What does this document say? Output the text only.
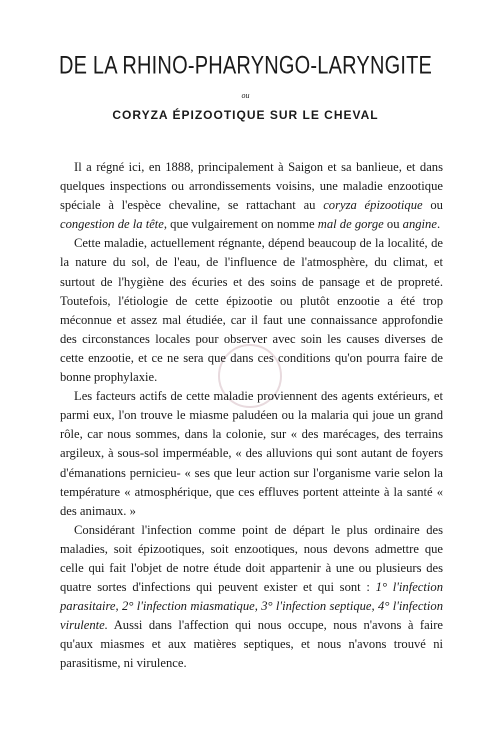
DE LA RHINO-PHARYNGO-LARYNGITE
ou
CORYZA ÉPIZOOTIQUE SUR LE CHEVAL

Il a régné ici, en 1888, principalement à Saigon et sa banlieue, et dans quelques inspections ou arrondissements voisins, une maladie enzootique spéciale à l'espèce chevaline, se rattachant au coryza épizootique ou congestion de la tête, que vulgairement on nomme mal de gorge ou angine.

Cette maladie, actuellement régnante, dépend beaucoup de la localité, de la nature du sol, de l'eau, de l'influence de l'atmosphère, du climat, et surtout de l'hygiène des écuries et des soins de pansage et de propreté. Toutefois, l'étiologie de cette épizootie ou plutôt enzootie a été trop méconnue et assez mal étudiée, car il faut une connaissance approfondie des circonstances locales pour observer avec soin les causes diverses de cette enzootie, et ce ne sera que dans ces conditions qu'on pourra faire de bonne prophylaxie.

Les facteurs actifs de cette maladie proviennent des agents extérieurs, et parmi eux, l'on trouve le miasme paludéen ou la malaria qui joue un grand rôle, car nous sommes, dans la colonie, sur « des marécages, des terrains argileux, à sous-sol imperméable, « des alluvions qui sont autant de foyers d'émanations pernicieu- « ses que leur action sur l'organisme varie selon la température « atmosphérique, que ces effluves portent atteinte à la santé « des animaux. »

Considérant l'infection comme point de départ le plus ordinaire des maladies, soit épizootiques, soit enzootiques, nous devons admettre que celle qui fait l'objet de notre étude doit appartenir à une ou plusieurs des quatre sortes d'infections qui peuvent exister et qui sont : 1° l'infection parasitaire, 2° l'infection miasmatique, 3° l'infection septique, 4° l'infection virulente. Aussi dans l'affection qui nous occupe, nous n'avons à faire qu'aux miasmes et aux matières septiques, et nous n'avons trouvé ni parasitisme, ni virulence.
